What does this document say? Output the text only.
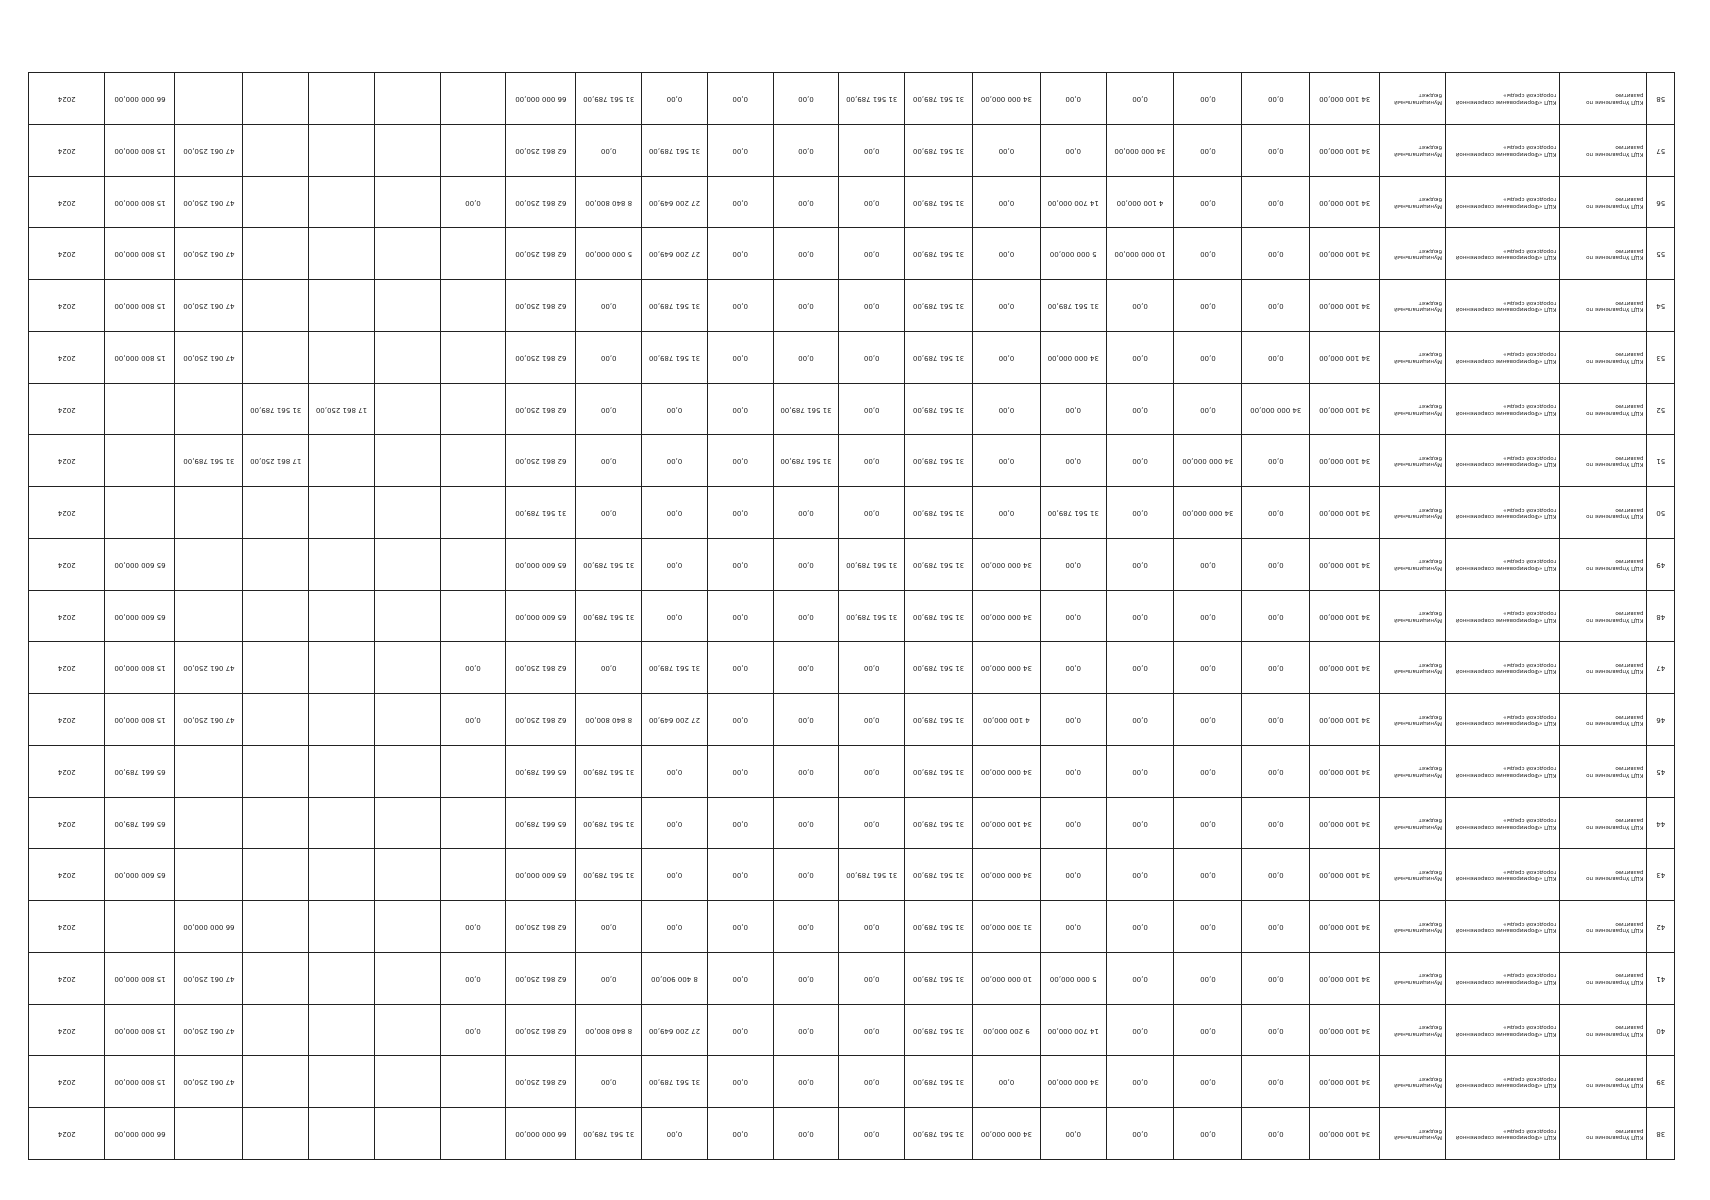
38	КЦП Управление по развитию	КЦП «Формирование современной городской среды»	Муниципальный бюджет	34 100 000,00	0,00	0,00	0,00	0,00	34 000 000,00	31 561 789,00	0,00	0,00	0,00	0,00	31 561 789,00	66 000 000,00						66 000 000,00	2024
39	КЦП Управление по развитию	КЦП «Формирование современной городской среды»	Муниципальный бюджет	34 100 000,00	0,00	0,00	0,00	34 000 000,00	0,00	31 561 789,00	0,00	0,00	0,00	31 561 789,00	0,00	62 861 250,00					47 061 250,00	15 800 000,00	2024
40	КЦП Управление по развитию	КЦП «Формирование современной городской среды»	Муниципальный бюджет	34 100 000,00	0,00	0,00	0,00	14 700 000,00	9 200 000,00	31 561 789,00	0,00	0,00	0,00	27 200 649,00	8 840 800,00	62 861 250,00	0,00				47 061 250,00	15 800 000,00	2024
41	КЦП Управление по развитию	КЦП «Формирование современной городской среды»	Муниципальный бюджет	34 100 000,00	0,00	0,00	0,00	5 000 000,00	10 000 000,00	31 561 789,00	0,00	0,00	0,00	8 400 900,00	0,00	62 861 250,00	0,00				47 061 250,00	15 800 000,00	2024
42	КЦП Управление по развитию	КЦП «Формирование современной городской среды»	Муниципальный бюджет	34 100 000,00	0,00	0,00	0,00	0,00	31 300 000,00	31 561 789,00	0,00	0,00	0,00	0,00	0,00	62 861 250,00	0,00				66 000 000,00		2024
43	КЦП Управление по развитию	КЦП «Формирование современной городской среды»	Муниципальный бюджет	34 100 000,00	0,00	0,00	0,00	0,00	34 000 000,00	31 561 789,00	31 561 789,00	0,00	0,00	0,00	31 561 789,00	65 600 000,00						65 600 000,00	2024
44	КЦП Управление по развитию	КЦП «Формирование современной городской среды»	Муниципальный бюджет	34 100 000,00	0,00	0,00	0,00	0,00	34 100 000,00	31 561 789,00	0,00	0,00	0,00	0,00	31 561 789,00	65 661 789,00						65 661 789,00	2024
45	КЦП Управление по развитию	КЦП «Формирование современной городской среды»	Муниципальный бюджет	34 100 000,00	0,00	0,00	0,00	0,00	34 000 000,00	31 561 789,00	0,00	0,00	0,00	0,00	31 561 789,00	65 661 789,00						65 661 789,00	2024
46	КЦП Управление по развитию	КЦП «Формирование современной городской среды»	Муниципальный бюджет	34 100 000,00	0,00	0,00	0,00	0,00	4 100 000,00	31 561 789,00	0,00	0,00	0,00	27 200 649,00	8 840 800,00	62 861 250,00	0,00				47 061 250,00	15 800 000,00	2024
47	КЦП Управление по развитию	КЦП «Формирование современной городской среды»	Муниципальный бюджет	34 100 000,00	0,00	0,00	0,00	0,00	34 000 000,00	31 561 789,00	0,00	0,00	0,00	31 561 789,00	0,00	62 861 250,00	0,00				47 061 250,00	15 800 000,00	2024
48	КЦП Управление по развитию	КЦП «Формирование современной городской среды»	Муниципальный бюджет	34 100 000,00	0,00	0,00	0,00	0,00	34 000 000,00	31 561 789,00	31 561 789,00	0,00	0,00	0,00	31 561 789,00	65 600 000,00						65 600 000,00	2024
49	КЦП Управление по развитию	КЦП «Формирование современной городской среды»	Муниципальный бюджет	34 100 000,00	0,00	0,00	0,00	0,00	34 000 000,00	31 561 789,00	31 561 789,00	0,00	0,00	0,00	31 561 789,00	65 600 000,00						65 600 000,00	2024
50	КЦП Управление по развитию	КЦП «Формирование современной городской среды»	Муниципальный бюджет	34 100 000,00	0,00	34 000 000,00	0,00	31 561 789,00	0,00	31 561 789,00	0,00	0,00	0,00	0,00	0,00	31 561 789,00							2024
51	КЦП Управление по развитию	КЦП «Формирование современной городской среды»	Муниципальный бюджет	34 100 000,00	0,00	34 000 000,00	0,00	0,00	0,00	31 561 789,00	0,00	31 561 789,00	0,00	0,00	0,00	62 861 250,00				17 861 250,00	31 561 789,00		2024
52	КЦП Управление по развитию	КЦП «Формирование современной городской среды»	Муниципальный бюджет	34 100 000,00	34 000 000,00	0,00	0,00	0,00	0,00	31 561 789,00	0,00	31 561 789,00	0,00	0,00	0,00	62 861 250,00			17 861 250,00	31 561 789,00			2024
53	КЦП Управление по развитию	КЦП «Формирование современной городской среды»	Муниципальный бюджет	34 100 000,00	0,00	0,00	0,00	34 000 000,00	0,00	31 561 789,00	0,00	0,00	0,00	31 561 789,00	0,00	62 861 250,00					47 061 250,00	15 800 000,00	2024
54	КЦП Управление по развитию	КЦП «Формирование современной городской среды»	Муниципальный бюджет	34 100 000,00	0,00	0,00	0,00	31 561 789,00	0,00	31 561 789,00	0,00	0,00	0,00	31 561 789,00	0,00	62 861 250,00					47 061 250,00	15 800 000,00	2024
55	КЦП Управление по развитию	КЦП «Формирование современной городской среды»	Муниципальный бюджет	34 100 000,00	0,00	0,00	10 000 000,00	5 000 000,00	0,00	31 561 789,00	0,00	0,00	0,00	27 200 649,00	5 000 000,00	62 861 250,00					47 061 250,00	15 800 000,00	2024
56	КЦП Управление по развитию	КЦП «Формирование современной городской среды»	Муниципальный бюджет	34 100 000,00	0,00	0,00	4 100 000,00	14 700 000,00	0,00	31 561 789,00	0,00	0,00	0,00	27 200 649,00	8 840 800,00	62 861 250,00	0,00				47 061 250,00	15 800 000,00	2024
57	КЦП Управление по развитию	КЦП «Формирование современной городской среды»	Муниципальный бюджет	34 100 000,00	0,00	0,00	34 000 000,00	0,00	0,00	31 561 789,00	0,00	0,00	0,00	31 561 789,00	0,00	62 861 250,00					47 061 250,00	15 800 000,00	2024
58	КЦП Управление по развитию	КЦП «Формирование современной городской среды»	Муниципальный бюджет	34 100 000,00	0,00	0,00	0,00	0,00	34 000 000,00	31 561 789,00	31 561 789,00	0,00	0,00	0,00	31 561 789,00	66 000 000,00						66 000 000,00	2024
